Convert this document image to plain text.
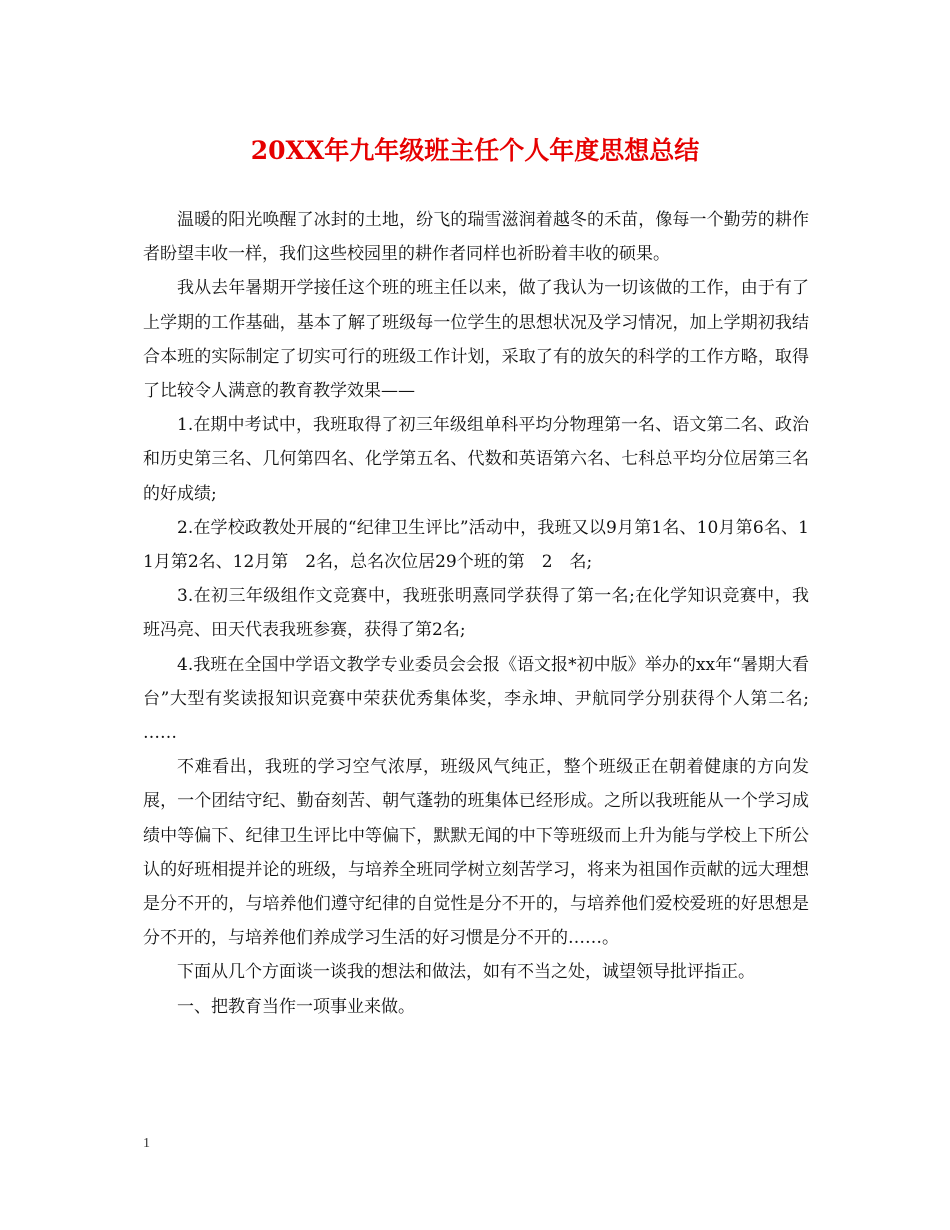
20XX年九年级班主任个人年度思想总结

温暖的阳光唤醒了冰封的土地，纷飞的瑞雪滋润着越冬的禾苗，像每一个勤劳的耕作者盼望丰收一样，我们这些校园里的耕作者同样也祈盼着丰收的硕果。

我从去年暑期开学接任这个班的班主任以来，做了我认为一切该做的工作，由于有了上学期的工作基础，基本了解了班级每一位学生的思想状况及学习情况，加上学期初我结合本班的实际制定了切实可行的班级工作计划，采取了有的放矢的科学的工作方略，取得了比较令人满意的教育教学效果——

1.在期中考试中，我班取得了初三年级组单科平均分物理第一名、语文第二名、政治和历史第三名、几何第四名、化学第五名、代数和英语第六名、七科总平均分位居第三名的好成绩;

2.在学校政教处开展的“纪律卫生评比”活动中，我班又以9月第1名、10月第6名、11月第2名、12月第　2名，总名次位居29个班的第　2　名;

3.在初三年级组作文竞赛中，我班张明熹同学获得了第一名;在化学知识竞赛中，我班冯亮、田天代表我班参赛，获得了第2名;

4.我班在全国中学语文教学专业委员会会报《语文报*初中版》举办的xx年“暑期大看台”大型有奖读报知识竞赛中荣获优秀集体奖，李永坤、尹航同学分别获得个人第二名;　……

不难看出，我班的学习空气浓厚，班级风气纯正，整个班级正在朝着健康的方向发展，一个团结守纪、勤奋刻苦、朝气蓬勃的班集体已经形成。之所以我班能从一个学习成绩中等偏下、纪律卫生评比中等偏下，默默无闻的中下等班级而上升为能与学校上下所公认的好班相提并论的班级，与培养全班同学树立刻苦学习，将来为祖国作贡献的远大理想是分不开的，与培养他们遵守纪律的自觉性是分不开的，与培养他们爱校爱班的好思想是分不开的，与培养他们养成学习生活的好习惯是分不开的……。

下面从几个方面谈一谈我的想法和做法，如有不当之处，诚望领导批评指正。

一、把教育当作一项事业来做。

1
